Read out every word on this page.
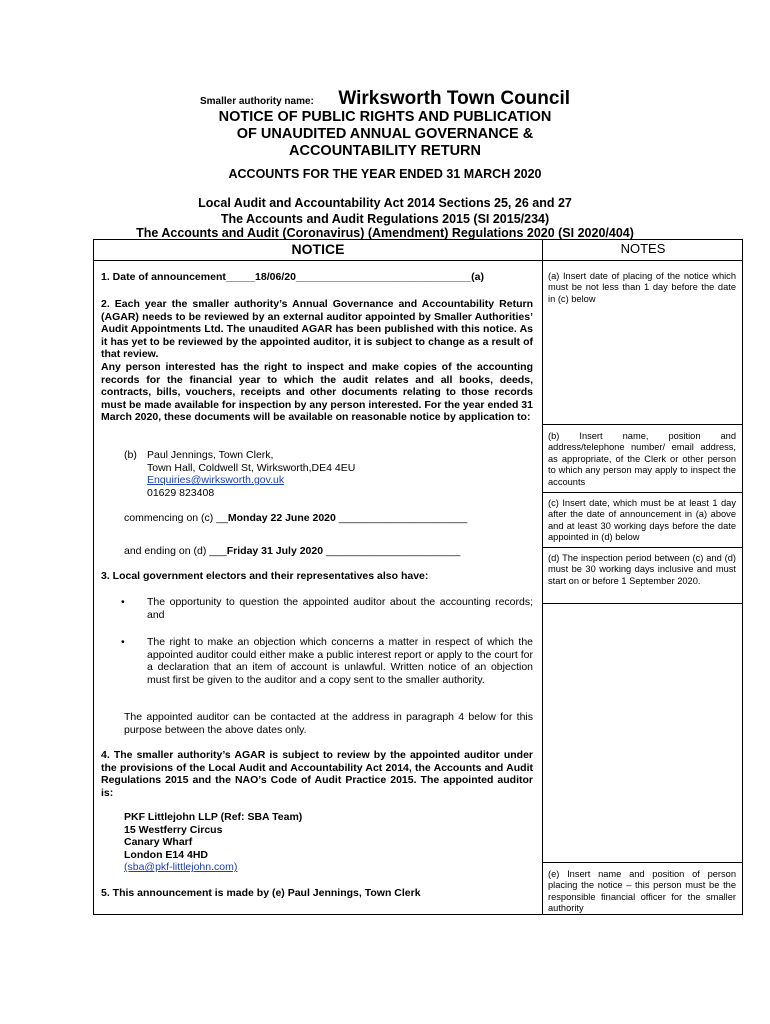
Smaller authority name: Wirksworth Town Council
NOTICE OF PUBLIC RIGHTS AND PUBLICATION
OF UNAUDITED ANNUAL GOVERNANCE &
ACCOUNTABILITY RETURN
ACCOUNTS FOR THE YEAR ENDED 31 MARCH 2020
Local Audit and Accountability Act 2014 Sections 25, 26 and 27
The Accounts and Audit Regulations 2015 (SI 2015/234)
The Accounts and Audit (Coronavirus) (Amendment) Regulations 2020 (SI 2020/404)
NOTICE	NOTES
1. Date of announcement_____18/06/20______________________________(a)
2. Each year the smaller authority’s Annual Governance and Accountability Return (AGAR) needs to be reviewed by an external auditor appointed by Smaller Authorities’ Audit Appointments Ltd. The unaudited AGAR has been published with this notice. As it has yet to be reviewed by the appointed auditor, it is subject to change as a result of that review.
Any person interested has the right to inspect and make copies of the accounting records for the financial year to which the audit relates and all books, deeds, contracts, bills, vouchers, receipts and other documents relating to those records must be made available for inspection by any person interested. For the year ended 31 March 2020, these documents will be available on reasonable notice by application to:
(b) Paul Jennings, Town Clerk,
Town Hall, Coldwell St, Wirksworth,DE4 4EU
Enquiries@wirksworth.gov.uk
01629 823408
commencing on (c) __Monday 22 June 2020 ______________________
and ending on (d) ___Friday 31 July 2020 _______________________
3. Local government electors and their representatives also have:
• The opportunity to question the appointed auditor about the accounting records; and
• The right to make an objection which concerns a matter in respect of which the appointed auditor could either make a public interest report or apply to the court for a declaration that an item of account is unlawful. Written notice of an objection must first be given to the auditor and a copy sent to the smaller authority.
The appointed auditor can be contacted at the address in paragraph 4 below for this purpose between the above dates only.
4. The smaller authority’s AGAR is subject to review by the appointed auditor under the provisions of the Local Audit and Accountability Act 2014, the Accounts and Audit Regulations 2015 and the NAO’s Code of Audit Practice 2015. The appointed auditor is:
PKF Littlejohn LLP (Ref: SBA Team)
15 Westferry Circus
Canary Wharf
London E14 4HD
(sba@pkf-littlejohn.com)
5. This announcement is made by (e) Paul Jennings, Town Clerk
(a) Insert date of placing of the notice which must be not less than 1 day before the date in (c) below
(b) Insert name, position and address/telephone number/ email address, as appropriate, of the Clerk or other person to which any person may apply to inspect the accounts
(c) Insert date, which must be at least 1 day after the date of announcement in (a) above and at least 30 working days before the date appointed in (d) below
(d) The inspection period between (c) and (d) must be 30 working days inclusive and must start on or before 1 September 2020.
(e) Insert name and position of person placing the notice – this person must be the responsible financial officer for the smaller authority
